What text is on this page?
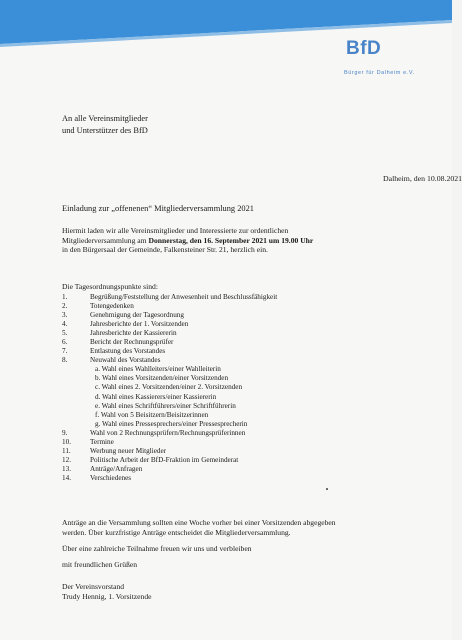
BfD
Bürger für Dalheim e.V.
An alle Vereinsmitglieder
und Unterstützer des BfD
Dalheim, den 10.08.2021
Einladung zur „offenenen“ Mitgliederversammlung 2021
Hiermit laden wir alle Vereinsmitglieder und Interessierte zur ordentlichen
Mitgliederversammlung am Donnerstag, den 16. September 2021 um 19.00 Uhr
in den Bürgersaal der Gemeinde, Falkensteiner Str. 21, herzlich ein.
Die Tagesordnungspunkte sind:
1.	Begrüßung/Feststellung der Anwesenheit und Beschlussfähigkeit
2.	Totengedenken
3.	Genehmigung der Tagesordnung
4.	Jahresberichte der 1. Vorsitzenden
5.	Jahresberichte der Kassiererin
6.	Bericht der Rechnungsprüfer
7.	Entlastung des Vorstandes
8.	Neuwahl des Vorstandes
a. Wahl eines Wahlleiters/einer Wahlleiterin
b. Wahl eines Vorsitzenden/einer Vorsitzenden
c. Wahl eines 2. Vorsitzenden/einer 2. Vorsitzenden
d. Wahl eines Kassierers/einer Kassiererin
e. Wahl eines Schriftführers/einer Schriftführerin
f. Wahl von 5 Beisitzern/Beisitzerinnen
g. Wahl eines Pressesprechers/einer Pressesprecherin
9.	Wahl von 2 Rechnungsprüfern/Rechnungsprüferinnen
10.	Termine
11.	Werbung neuer Mitglieder
12.	Politische Arbeit der BfD-Fraktion im Gemeinderat
13.	Anträge/Anfragen
14.	Verschiedenes
Anträge an die Versammlung sollten eine Woche vorher bei einer Vorsitzenden abgegeben
werden. Über kurzfristige Anträge entscheidet die Mitgliederversammlung.
Über eine zahlreiche Teilnahme freuen wir uns und verbleiben
mit freundlichen Grüßen
Der Vereinsvorstand
Trudy Hennig, 1. Vorsitzende
